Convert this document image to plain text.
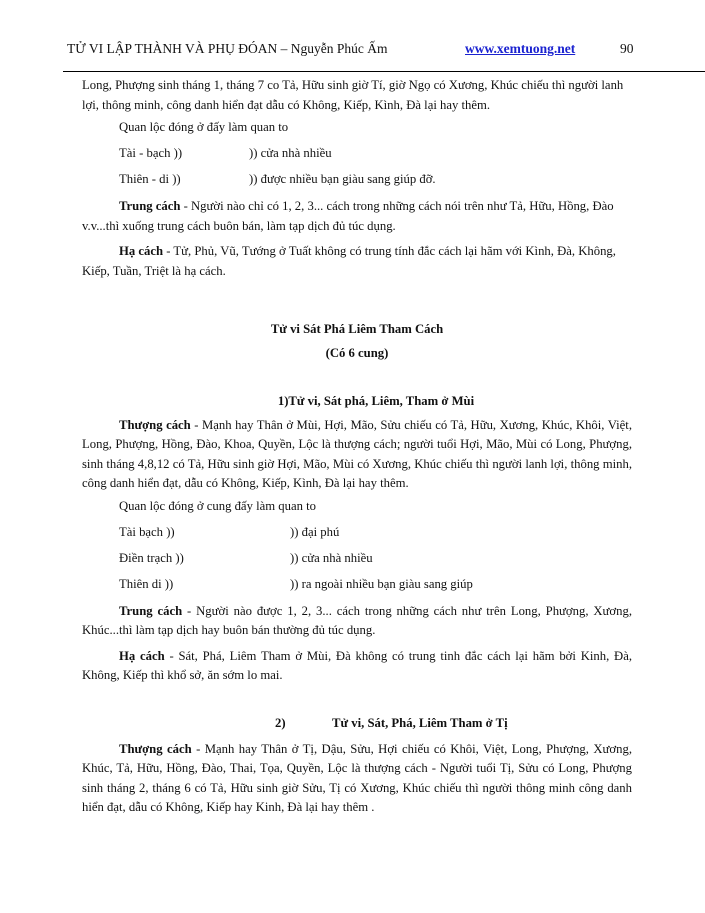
TỬ VI LẬP THÀNH VÀ PHỤ ĐÓAN – Nguyễn Phúc Ấm	www.xemtuong.net	90

Long, Phượng sinh tháng 1, tháng 7 co Tả, Hữu sinh giờ Tí, giờ Ngọ có Xương, Khúc chiếu thì người lanh lợi, thông minh, công danh hiển đạt dẫu có Không, Kiếp, Kình, Đà lại hay thêm.

Quan lộc đóng ở đấy làm quan to
Tài - bạch ))	)) cửa nhà nhiều
Thiên - di ))	)) được nhiều bạn giàu sang giúp đỡ.

Trung cách - Người nào chỉ có 1, 2, 3... cách trong những cách nói trên như Tả, Hữu, Hồng, Đào v.v...thì xuống trung cách buôn bán, làm tạp dịch đủ túc dụng.

Hạ cách - Tử, Phủ, Vũ, Tướng ở Tuất không có trung tính đắc cách lại hãm với Kình, Đà, Không, Kiếp, Tuần, Triệt là hạ cách.

Tử vi Sát Phá Liêm Tham Cách

(Có 6 cung)

1)Tử vi, Sát phá, Liêm, Tham ở Mùi

Thượng cách - Mạnh hay Thân ở Mùi, Hợi, Mão, Sửu chiếu có Tả, Hữu, Xương, Khúc, Khôi, Việt, Long, Phượng, Hồng, Đào, Khoa, Quyền, Lộc là thượng cách; người tuổi Hợi, Mão, Mùi có Long, Phượng, sinh tháng 4,8,12 có Tả, Hữu sinh giờ Hợi, Mão, Mùi có Xương, Khúc chiếu thì người lanh lợi, thông minh, công danh hiển đạt, dẫu có Không, Kiếp, Kình, Đà lại hay thêm.

Quan lộc đóng ở cung đấy làm quan to
Tài bạch ))	)) đại phú
Điền trạch ))	)) cửa nhà nhiều
Thiên di ))	)) ra ngoài nhiều bạn giàu sang giúp

Trung cách - Người nào được 1, 2, 3... cách trong những cách như trên Long, Phượng, Xương, Khúc...thì làm tạp dịch hay buôn bán thường đủ túc dụng.

Hạ cách - Sát, Phá, Liêm Tham ở Mùi, Đà không có trung tinh đắc cách lại hãm bởi Kinh, Đà, Không, Kiếp thì khổ sở, ăn sớm lo mai.

2)	Tử vi, Sát, Phá, Liêm Tham ở Tị

Thượng cách - Mạnh hay Thân ở Tị, Dậu, Sửu, Hợi chiếu có Khôi, Việt, Long, Phượng, Xương, Khúc, Tả, Hữu, Hồng, Đào, Thai, Tọa, Quyền, Lộc là thượng cách - Người tuổi Tị, Sửu có Long, Phượng sinh tháng 2, tháng 6 có Tả, Hữu sinh giờ Sửu, Tị có Xương, Khúc chiếu thì người thông minh công danh hiển đạt, dẫu có Không, Kiếp hay Kinh, Đà lại hay thêm .
